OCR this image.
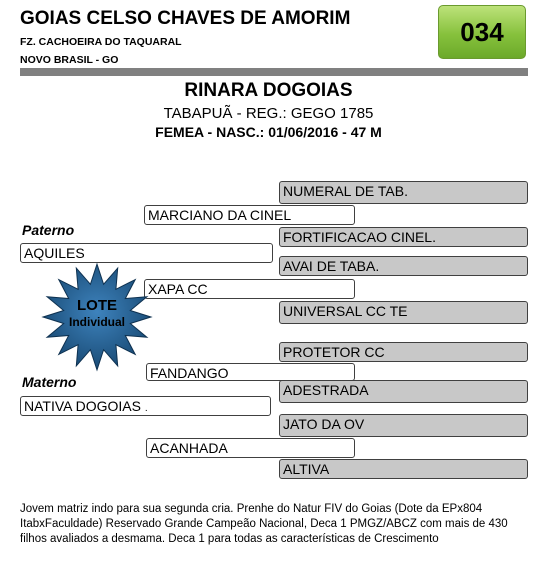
GOIAS CELSO CHAVES DE AMORIM
FZ. CACHOEIRA DO TAQUARAL
NOVO BRASIL - GO
034
RINARA DOGOIAS
TABAPUÃ - REG.: GEGO 1785
FEMEA - NASC.: 01/06/2016 - 47 M
NUMERAL DE TAB.
FORTIFICACAO CINEL.
AVAI DE TABA.
UNIVERSAL CC TE
PROTETOR CC
ADESTRADA
JATO DA OV
ALTIVA
MARCIANO DA CINEL
XAPA CC
FANDANGO
ACANHADA
AQUILES
NATIVA DOGOIAS .
Paterno
Materno
LOTE
Individual
Jovem matriz indo para sua segunda cria. Prenhe do Natur FIV do Goias (Dote da EPx804 ItabxFaculdade) Reservado Grande Campeão Nacional, Deca 1 PMGZ/ABCZ com mais de 430 filhos avaliados a desmama. Deca 1 para todas as características de Crescimento
